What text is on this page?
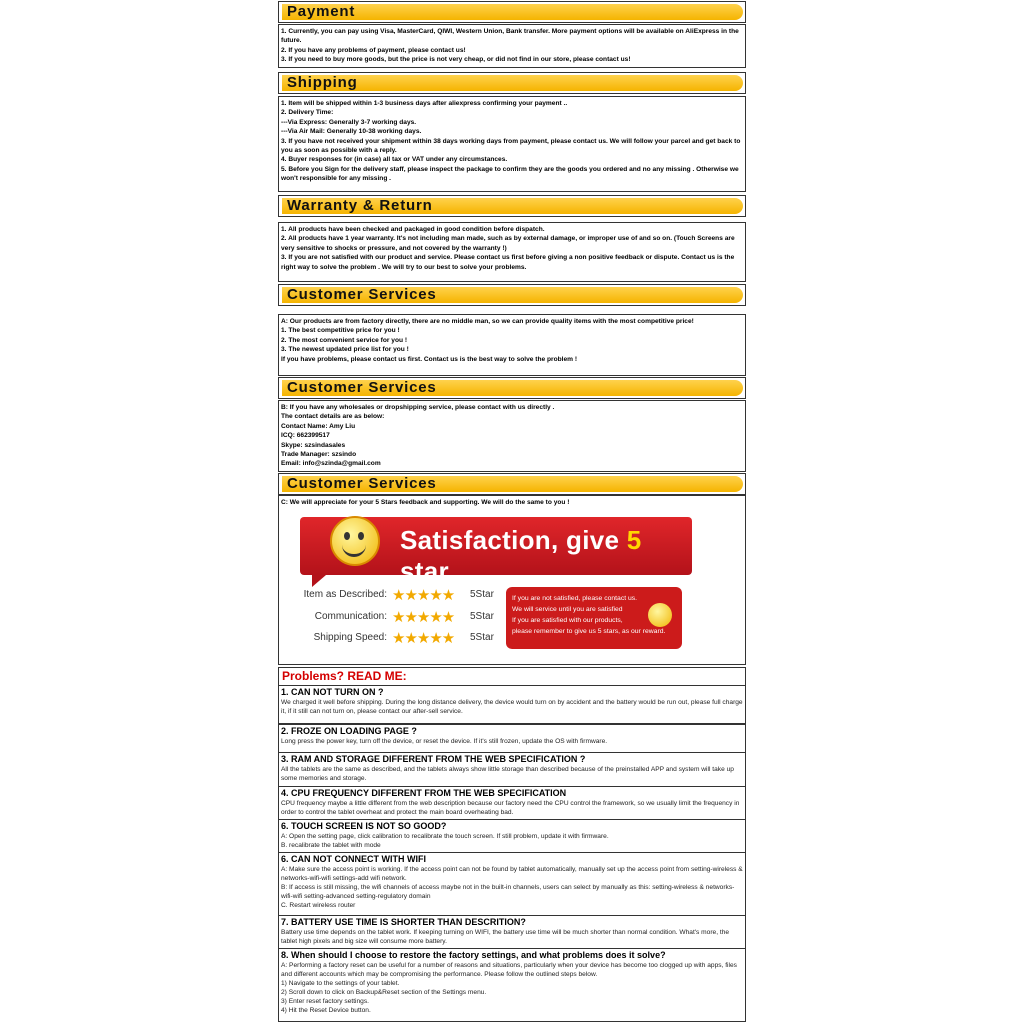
Payment
1. Currently, you can pay using Visa, MasterCard, QIWI, Western Union, Bank transfer. More payment options will be available on AliExpress in the future.
2. If you have any problems of payment, please contact us!
3. If you need to buy more goods, but the price is not very cheap, or did not find in our store, please contact us!
Shipping
1. Item will be shipped within 1-3 business days after aliexpress confirming your payment ..
2. Delivery Time:
---Via Express: Generally 3-7 working days.
---Via Air Mail: Generally 10-38 working days.
3. If you have not received your shipment within 38 days working days from payment, please contact us. We will follow your parcel and get back to you as soon as possible with a reply.
4. Buyer responses for (in case) all tax or VAT under any circumstances.
5. Before you Sign for the delivery staff, please inspect the package to confirm they are the goods you ordered and no any missing . Otherwise we won't responsible for any missing .
Warranty & Return
1. All products have been checked and packaged in good condition before dispatch.
2. All products have 1 year warranty. It's not including man made, such as by external damage, or improper use of and so on. (Touch Screens are very sensitive to shocks or pressure, and not covered by the warranty !)
3. If you are not satisfied with our product and service. Please contact us first before giving a non positive feedback or dispute. Contact us is the right way to solve the problem . We will try to our best to solve your problems.
Customer Services
A: Our products are from factory directly, there are no middle man, so we can provide quality items with the most competitive price!
1. The best competitive price for you !
2. The most convenient service for you !
3. The newest updated price list for you !
If you have problems, please contact us first. Contact us is the best way to solve the problem !
Customer Services
B: If you have any wholesales or dropshipping service, please contact with us directly .
The contact details are as below:
Contact Name: Amy Liu
ICQ: 662399517
Skype: szsindasales
Trade Manager: szsindo
Email: info@szinda@gmail.com
Customer Services
C: We will appreciate for your 5 Stars feedback and supporting. We will do the same to you !
Satisfaction, give 5 star
Item as Described: ★★★★★ 5Star
Communication: ★★★★★ 5Star
Shipping Speed: ★★★★★ 5Star
If you are not satisfied, please contact us.
We will service until you are satisfied
If you are satisfied with our products,
please remember to give us 5 stars, as our reward.
Problems? READ ME:
1. CAN NOT TURN ON ?
We charged it well before shipping. During the long distance delivery, the device would turn on by accident and the battery would be run out, please full charge it, if it still can not turn on, please contact our after-sell service.
2. FROZE ON LOADING PAGE ?
Long press the power key, turn off the device, or reset the device. If it's still frozen, update the OS with firmware.
3. RAM AND STORAGE DIFFERENT FROM THE WEB SPECIFICATION ?
All the tablets are the same as described, and the tablets always show little storage than described because of the preinstalled APP and system will take up some memories and storage.
4. CPU FREQUENCY DIFFERENT FROM THE WEB SPECIFICATION
CPU frequency maybe a little different from the web description because our factory need the CPU control the framework, so we usually limit the frequency in order to control the tablet overheat and protect the main board overheating bad.
6. TOUCH SCREEN IS NOT SO GOOD?
A: Open the setting page, click calibration to recalibrate the touch screen. If still problem, update it with firmware.
B. recalibrate the tablet with mode
6. CAN NOT CONNECT WITH WIFI
A: Make sure the access point is working. If the access point can not be found by tablet automatically, manually set up the access point from setting-wireless & networks-wifi-wifi settings-add wifi network.
B: If access is still missing, the wifi channels of access maybe not in the built-in channels, users can select by manually as this: setting-wireless & networks-wifi-wifi setting-advanced setting-regulatory domain
C. Restart wireless router
7. BATTERY USE TIME IS SHORTER THAN DESCRITION?
Battery use time depends on the tablet work. If keeping turning on WIFI, the battery use time will be much shorter than normal condition. What's more, the tablet high pixels and big size will consume more battery.
8. When should I choose to restore the factory settings, and what problems does it solve?
A: Performing a factory reset can be useful for a number of reasons and situations, particularly when your device has become too clogged up with apps, files and different accounts which may be compromising the performance. Please follow the outlined steps below.
1) Navigate to the settings of your tablet.
2) Scroll down to click on Backup&Reset section of the Settings menu.
3) Enter reset factory settings.
4) Hit the Reset Device button.
